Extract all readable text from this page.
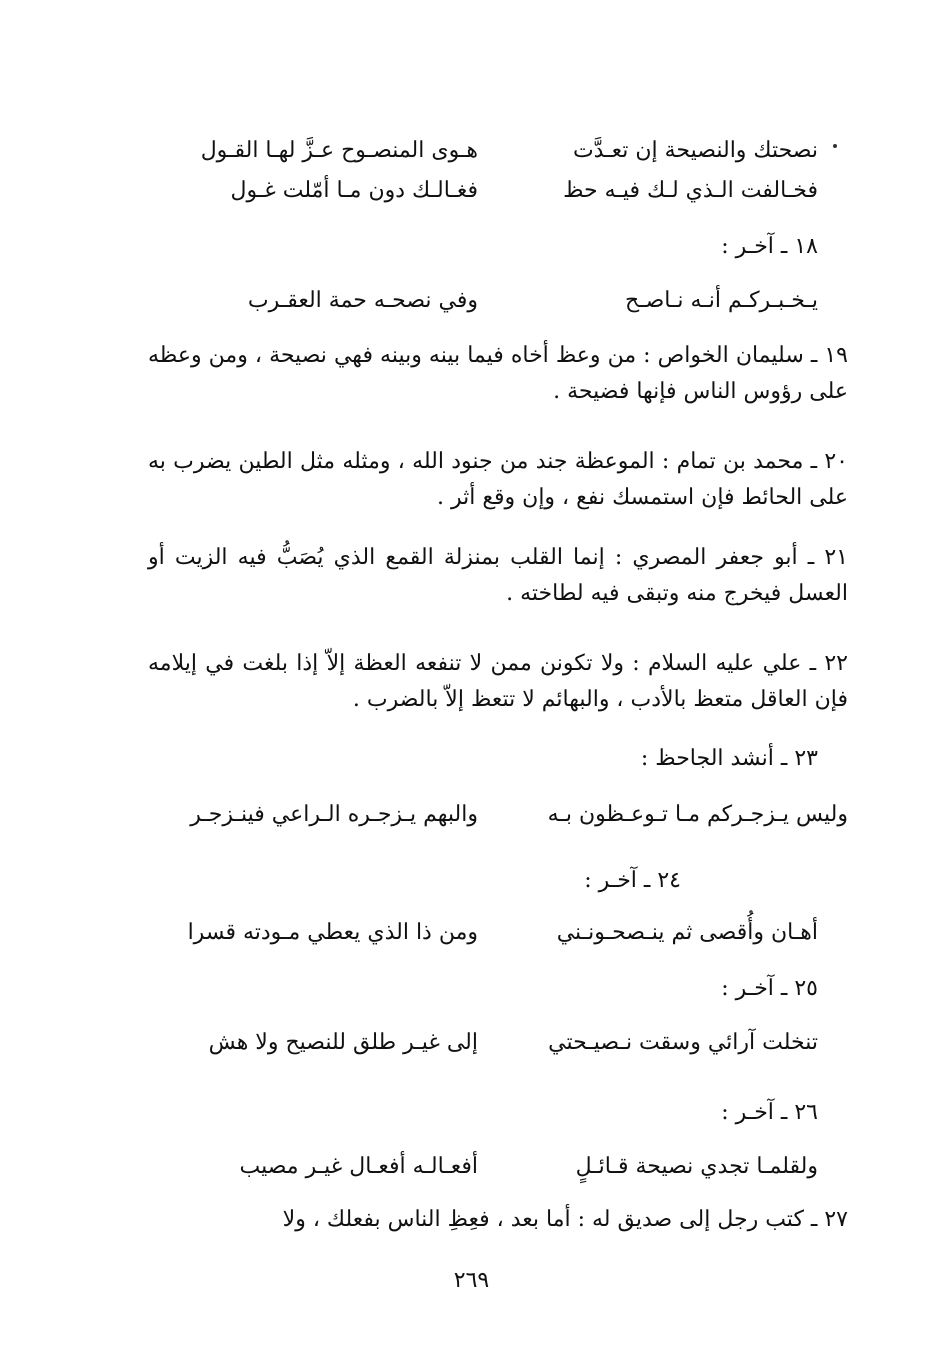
نصحتك والنصيحة إن تعـدَّت
هـوى المنصـوح عـزَّ لهـا القـول
فخـالفت الـذي لـك فيـه حظ
فغـالـك دون مـا أمّلت غـول
١٨ ـ آخـر :
يـخـبـركـم أنـه نـاصـح
وفي نصحـه حمة العقـرب
١٩ ـ سليمان الخواص : من وعظ أخاه فيما بينه وبينه فهي نصيحة ، ومن وعظه على رؤوس الناس فإنها فضيحة .
٢٠ ـ محمد بن تمام : الموعظة جند من جنود الله ، ومثله مثل الطين يضرب به على الحائط فإن استمسك نفع ، وإن وقع أثر .
٢١ ـ أبو جعفر المصري : إنما القلب بمنزلة القمع الذي يُصَبُّ فيه الزيت أو العسل فيخرج منه وتبقى فيه لطاخته .
٢٢ ـ علي عليه السلام : ولا تكونن ممن لا تنفعه العظة إلاّ إذا بلغت في إيلامه فإن العاقل متعظ بالأدب ، والبهائم لا تتعظ إلاّ بالضرب .
٢٣ ـ أنشد الجاحظ :
وليس يـزجـركم مـا تـوعـظون بـه
والبهم يـزجـره الـراعي فينـزجـر
٢٤ ـ آخـر :
أهـان وأُقصى ثم ينـصحـونـني
ومن ذا الذي يعطي مـودته قسرا
٢٥ ـ آخـر :
تنخلت آرائي وسقت نـصيـحتي
إلى غيـر طلق للنصيح ولا هش
٢٦ ـ آخـر :
ولقلمـا تجدي نصيحة قـائـلٍ
أفعـالـه أفعـال غيـر مصيب
٢٧ ـ كتب رجل إلى صديق له : أما بعد ، فعِظِ الناس بفعلك ، ولا
٢٦٩
